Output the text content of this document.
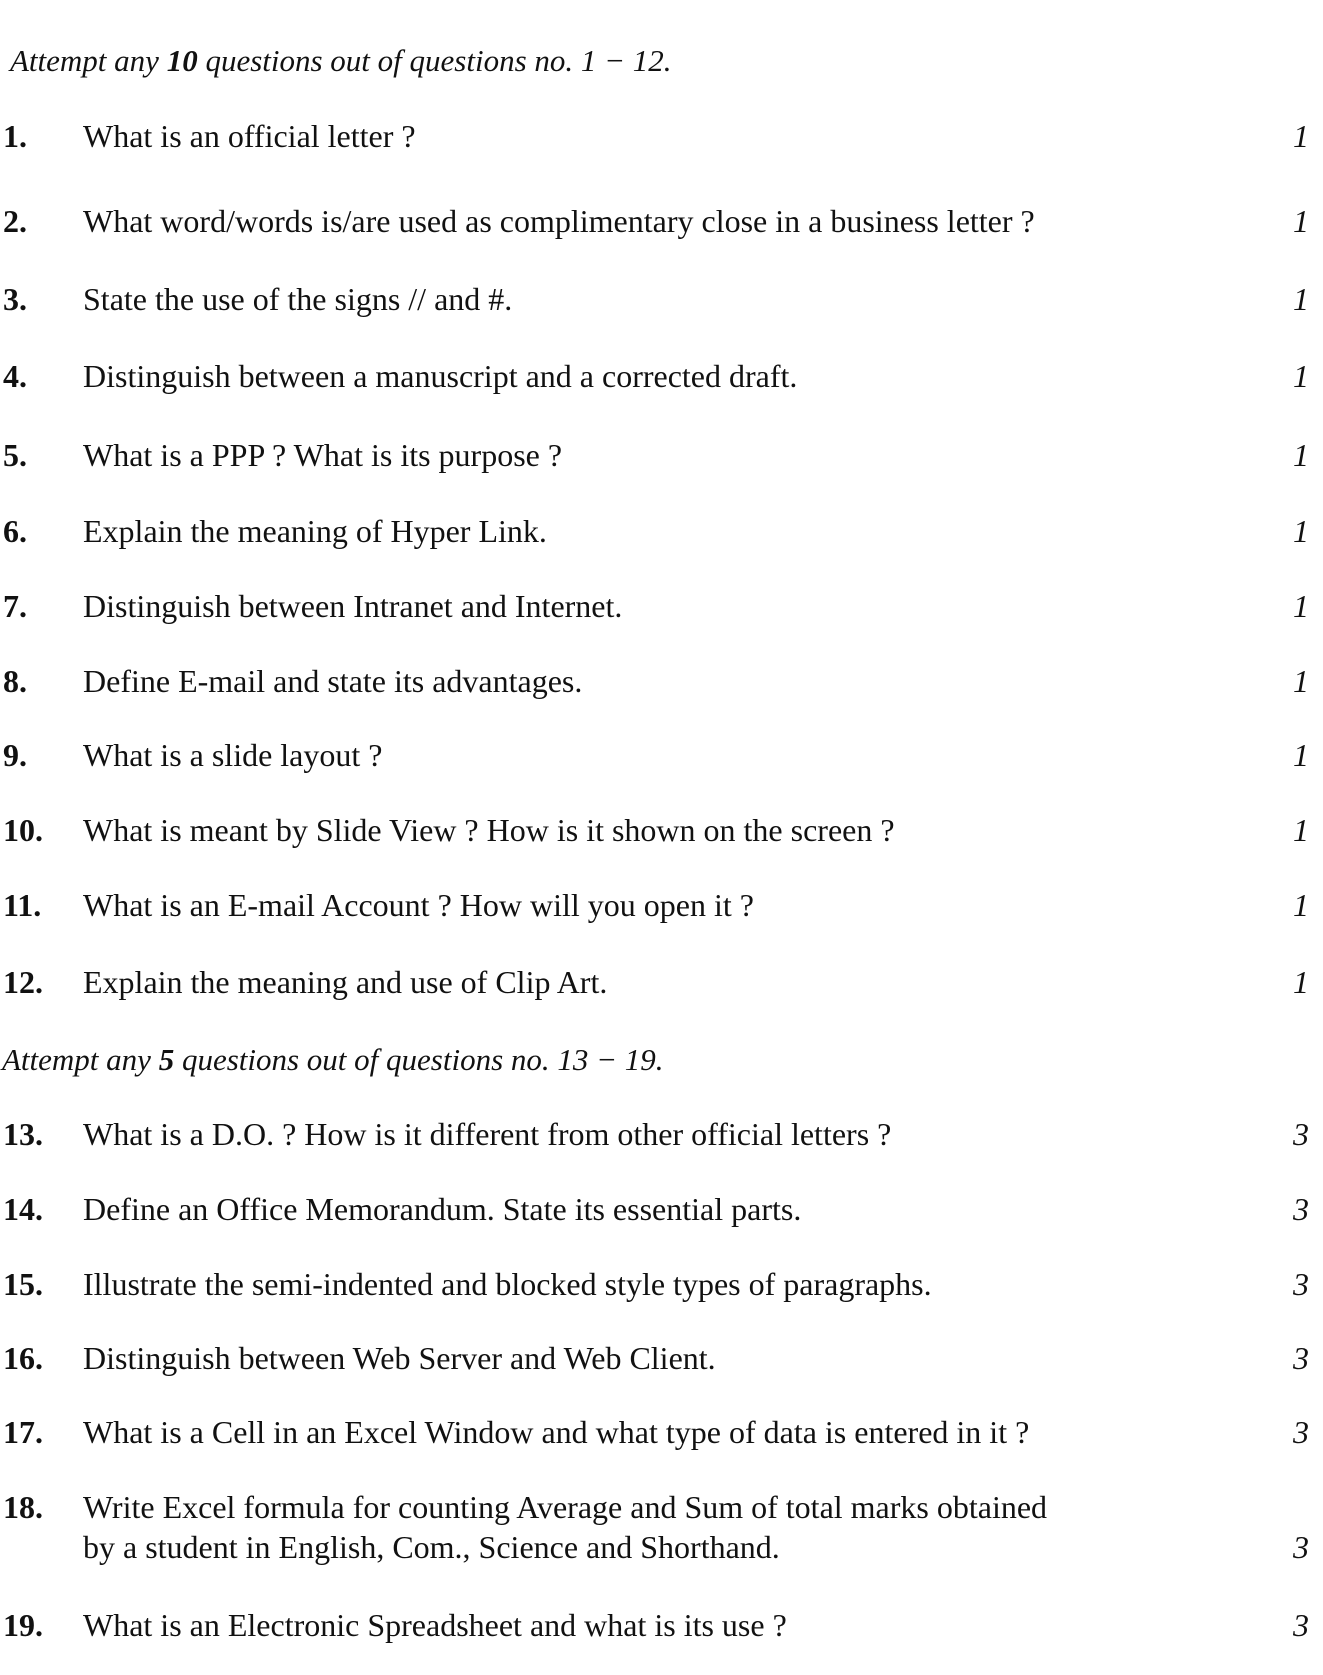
Attempt any 10 questions out of questions no. 1 − 12.
Attempt any 5 questions out of questions no. 13 − 19.
1. What is an official letter ?	1
2. What word/words is/are used as complimentary close in a business letter ?	1
3. State the use of the signs // and #.	1
4. Distinguish between a manuscript and a corrected draft.	1
5. What is a PPP ? What is its purpose ?	1
6. Explain the meaning of Hyper Link.	1
7. Distinguish between Intranet and Internet.	1
8. Define E-mail and state its advantages.	1
9. What is a slide layout ?	1
10. What is meant by Slide View ? How is it shown on the screen ?	1
11. What is an E-mail Account ? How will you open it ?	1
12. Explain the meaning and use of Clip Art.	1
13. What is a D.O. ? How is it different from other official letters ?	3
14. Define an Office Memorandum. State its essential parts.	3
15. Illustrate the semi-indented and blocked style types of paragraphs.	3
16. Distinguish between Web Server and Web Client.	3
17. What is a Cell in an Excel Window and what type of data is entered in it ?	3
18. Write Excel formula for counting Average and Sum of total marks obtained
by a student in English, Com., Science and Shorthand.	3
19. What is an Electronic Spreadsheet and what is its use ?	3
